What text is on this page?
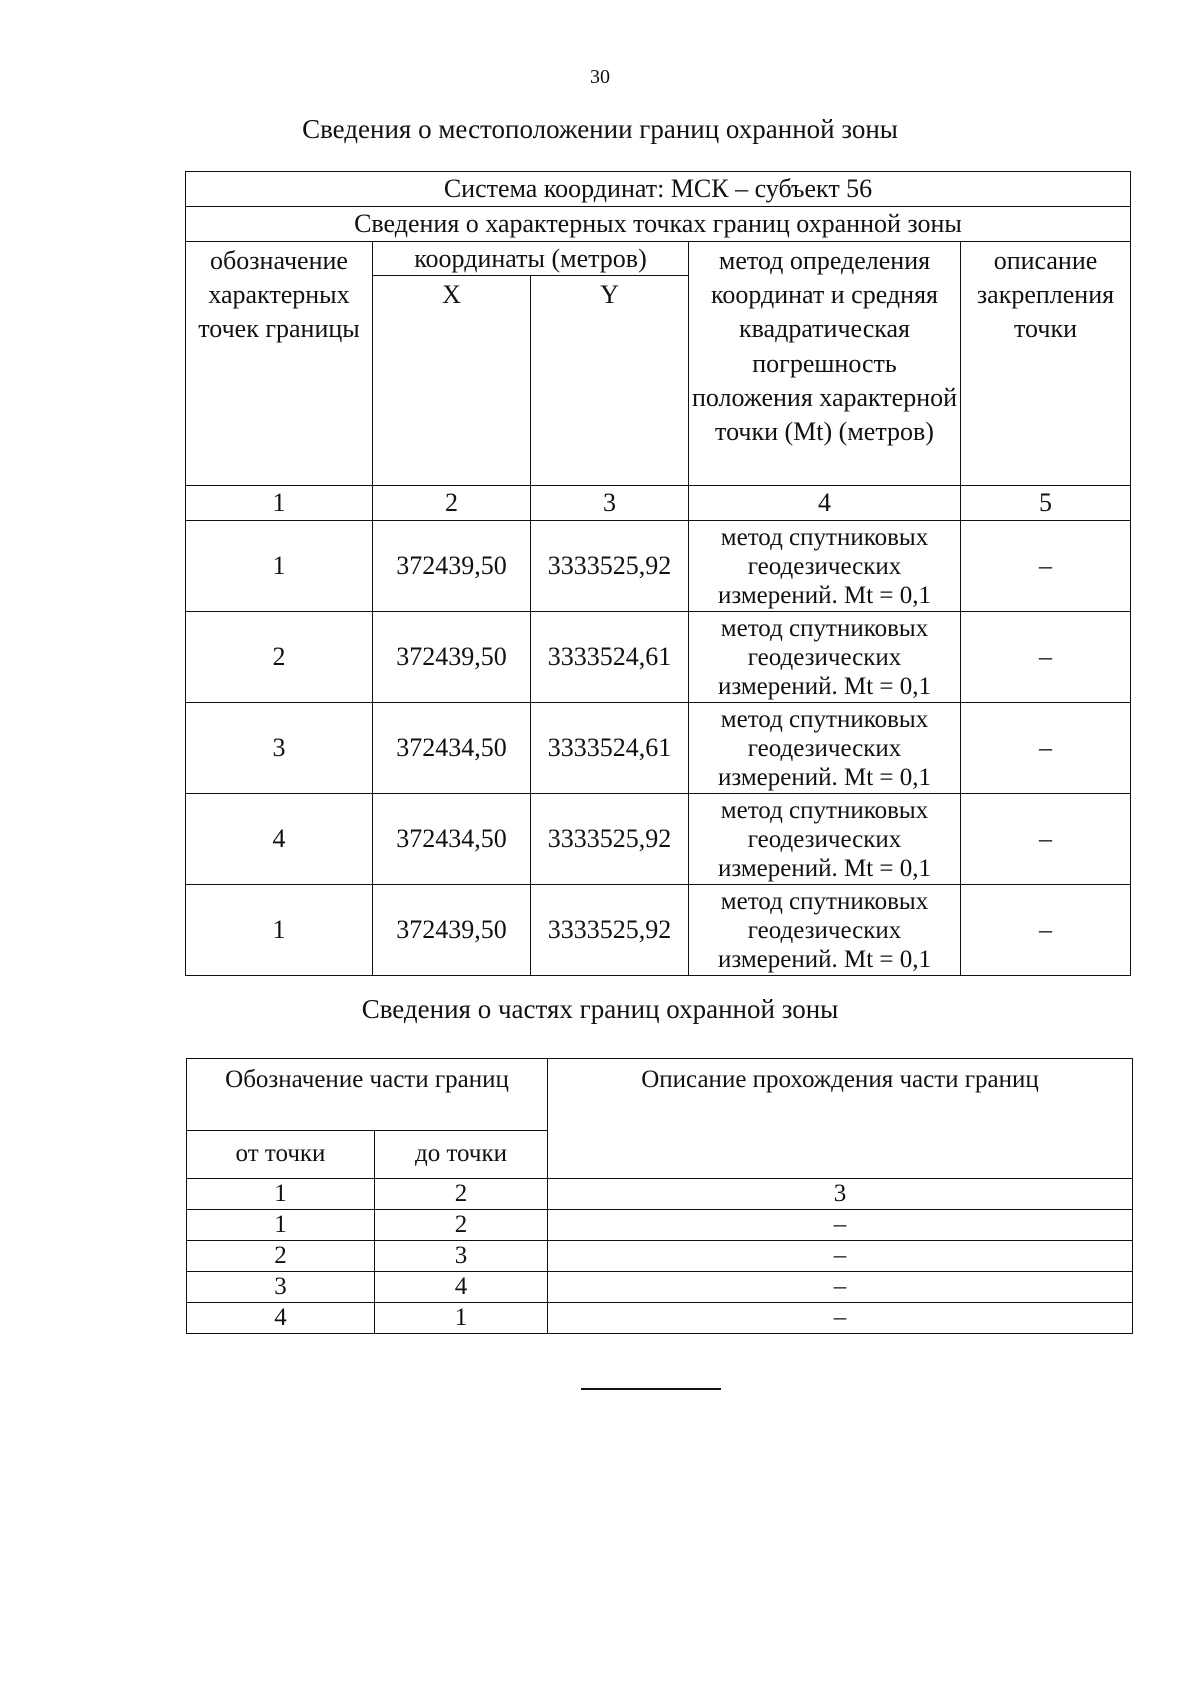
30
Сведения о местоположении границ охранной зоны
Система координат: МСК – субъект 56				
Сведения о характерных точках границ охранной зоны				
обозначение характерных точек границы	координаты (метров)		метод определения координат и средняя квадратическая погрешность положения характерной точки (Mt) (метров)	описание закрепления точки
	X	Y		
1	2	3	4	5
1	372439,50	3333525,92	метод спутниковых геодезических измерений. Mt = 0,1	–
2	372439,50	3333524,61	метод спутниковых геодезических измерений. Mt = 0,1	–
3	372434,50	3333524,61	метод спутниковых геодезических измерений. Mt = 0,1	–
4	372434,50	3333525,92	метод спутниковых геодезических измерений. Mt = 0,1	–
1	372439,50	3333525,92	метод спутниковых геодезических измерений. Mt = 0,1	–
Сведения о частях границ охранной зоны
Обозначение части границ		Описание прохождения части границ
от точки	до точки	
1	2	3
1	2	–
2	3	–
3	4	–
4	1	–
